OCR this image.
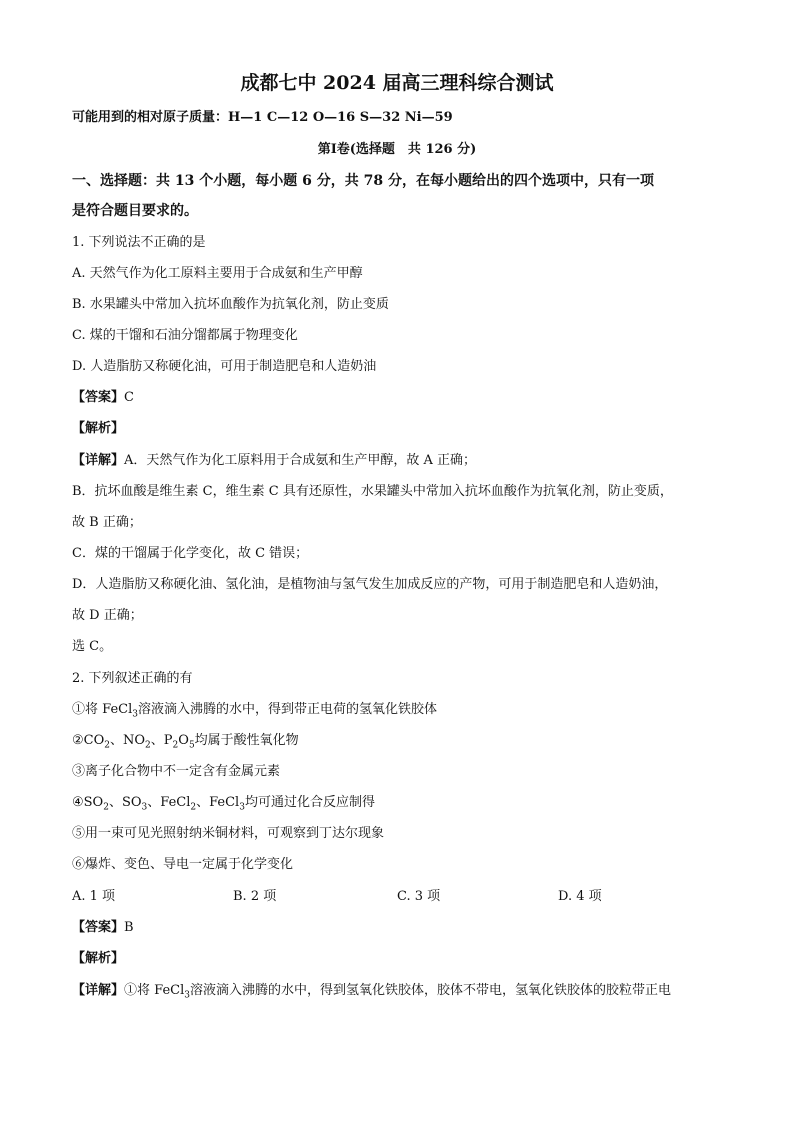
成都七中 2024 届高三理科综合测试
可能用到的相对原子质量：H—1 C—12 O—16 S—32 Ni—59
第Ⅰ卷(选择题　共 126 分)
一、选择题：共 13 个小题，每小题 6 分，共 78 分，在每小题给出的四个选项中，只有一项
是符合题目要求的。
1. 下列说法不正确的是
A. 天然气作为化工原料主要用于合成氨和生产甲醇
B. 水果罐头中常加入抗坏血酸作为抗氧化剂，防止变质
C. 煤的干馏和石油分馏都属于物理变化
D. 人造脂肪又称硬化油，可用于制造肥皂和人造奶油
【答案】C
【解析】
【详解】A．天然气作为化工原料用于合成氨和生产甲醇，故 A 正确；
B．抗坏血酸是维生素 C，维生素 C 具有还原性，水果罐头中常加入抗坏血酸作为抗氧化剂，防止变质，
故 B 正确；
C．煤的干馏属于化学变化，故 C 错误；
D．人造脂肪又称硬化油、氢化油，是植物油与氢气发生加成反应的产物，可用于制造肥皂和人造奶油，
故 D 正确；
选 C。
2. 下列叙述正确的有
①将 FeCl$_3$溶液滴入沸腾的水中，得到带正电荷的氢氧化铁胶体
$②CO_2$、$NO_2$、$P_2O_5$均属于酸性氧化物
③离子化合物中不一定含有金属元素
$④SO_2$、$SO_3$、FeCl$_2$、FeCl$_3$均可通过化合反应制得
⑤用一束可见光照射纳米铜材料，可观察到丁达尔现象
⑥爆炸、变色、导电一定属于化学变化
A. 1 项	B. 2 项	C. 3 项	D. 4 项
【答案】B
【解析】
【详解】①将 FeCl$_3$溶液滴入沸腾的水中，得到氢氧化铁胶体，胶体不带电，氢氧化铁胶体的胶粒带正电
